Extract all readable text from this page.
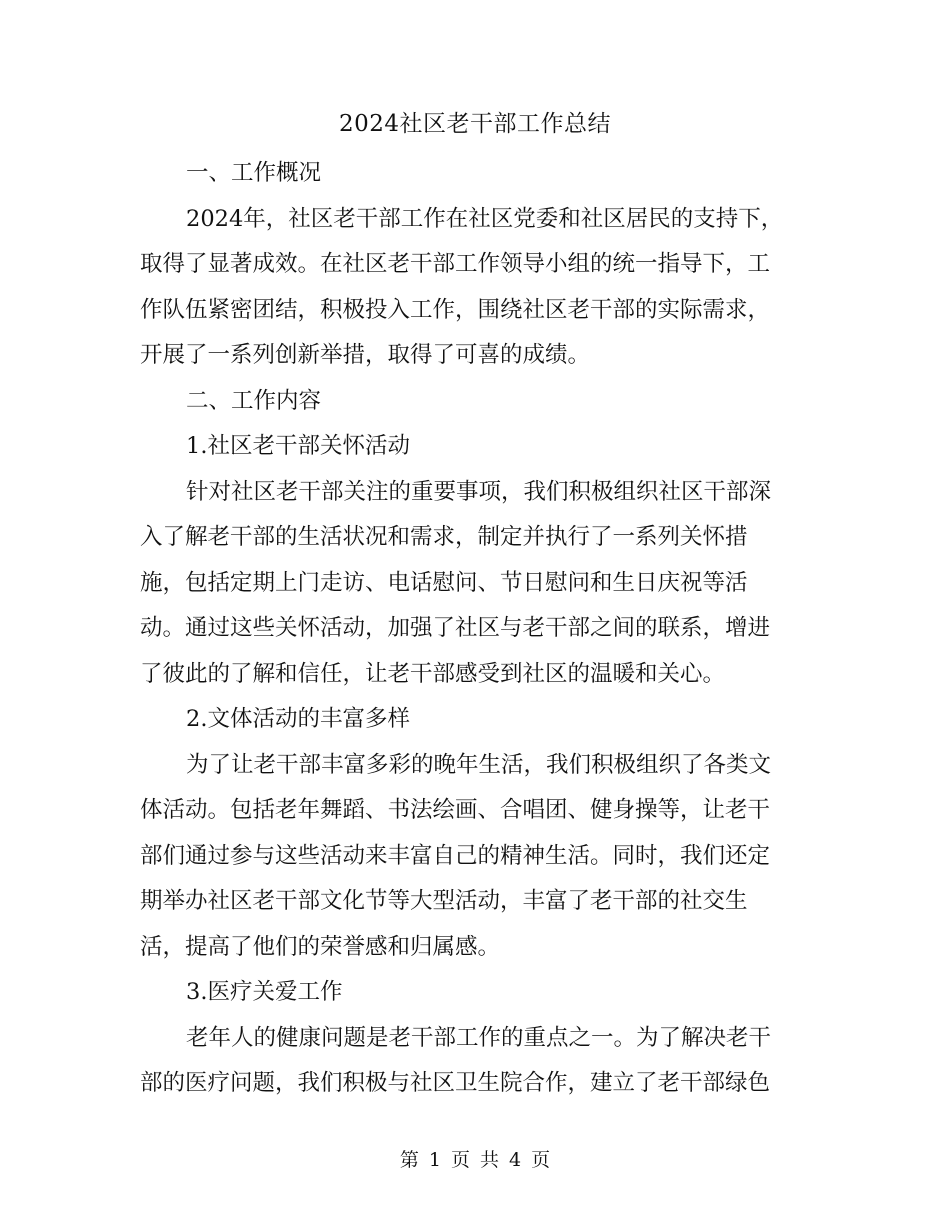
2024社区老干部工作总结
一、工作概况
2024年，社区老干部工作在社区党委和社区居民的支持下，
取得了显著成效。在社区老干部工作领导小组的统一指导下，工
作队伍紧密团结，积极投入工作，围绕社区老干部的实际需求，
开展了一系列创新举措，取得了可喜的成绩。
二、工作内容
1.社区老干部关怀活动
针对社区老干部关注的重要事项，我们积极组织社区干部深
入了解老干部的生活状况和需求，制定并执行了一系列关怀措
施，包括定期上门走访、电话慰问、节日慰问和生日庆祝等活
动。通过这些关怀活动，加强了社区与老干部之间的联系，增进
了彼此的了解和信任，让老干部感受到社区的温暖和关心。
2.文体活动的丰富多样
为了让老干部丰富多彩的晚年生活，我们积极组织了各类文
体活动。包括老年舞蹈、书法绘画、合唱团、健身操等，让老干
部们通过参与这些活动来丰富自己的精神生活。同时，我们还定
期举办社区老干部文化节等大型活动，丰富了老干部的社交生
活，提高了他们的荣誉感和归属感。
3.医疗关爱工作
老年人的健康问题是老干部工作的重点之一。为了解决老干
部的医疗问题，我们积极与社区卫生院合作，建立了老干部绿色
第 1 页 共 4 页
